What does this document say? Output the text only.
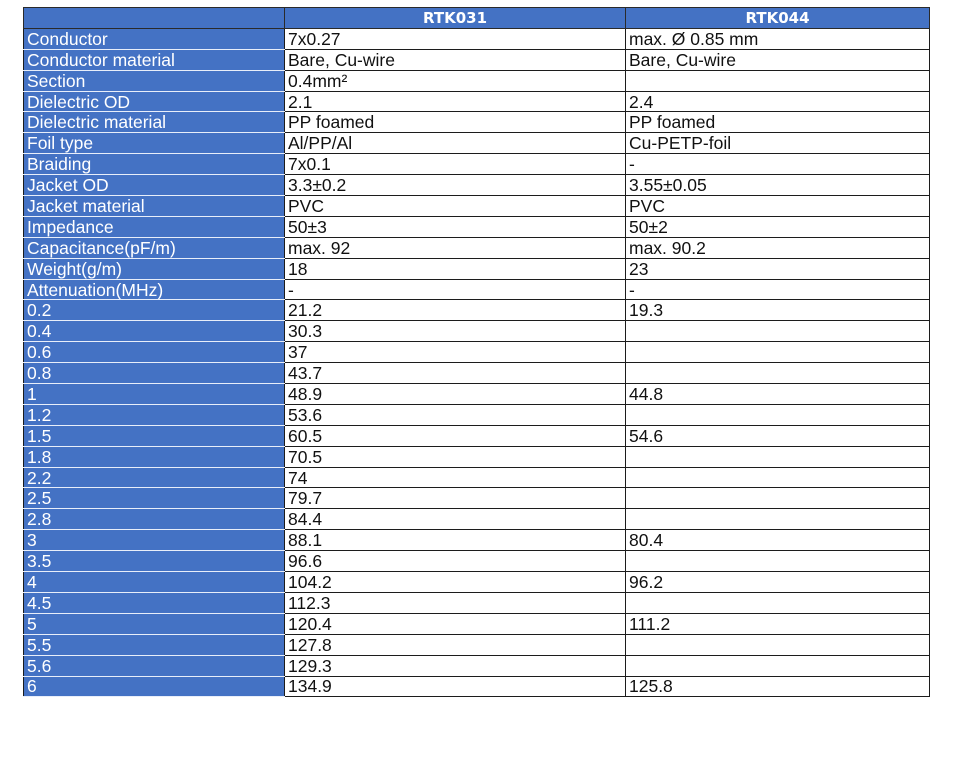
	RTK031	RTK044
Conductor	7x0.27	max. Ø 0.85 mm
Conductor material	Bare, Cu-wire	Bare, Cu-wire
Section	0.4mm²	
Dielectric OD	2.1	2.4
Dielectric material	PP foamed	PP foamed
Foil type	Al/PP/Al	Cu-PETP-foil
Braiding	7x0.1	-
Jacket OD	3.3±0.2	3.55±0.05
Jacket material	PVC	PVC
Impedance	50±3	50±2
Capacitance(pF/m)	max. 92	max. 90.2
Weight(g/m)	18	23
Attenuation(MHz)	-	-
0.2	21.2	19.3
0.4	30.3	
0.6	37	
0.8	43.7	
1	48.9	44.8
1.2	53.6	
1.5	60.5	54.6
1.8	70.5	
2.2	74	
2.5	79.7	
2.8	84.4	
3	88.1	80.4
3.5	96.6	
4	104.2	96.2
4.5	112.3	
5	120.4	111.2
5.5	127.8	
5.6	129.3	
6	134.9	125.8
